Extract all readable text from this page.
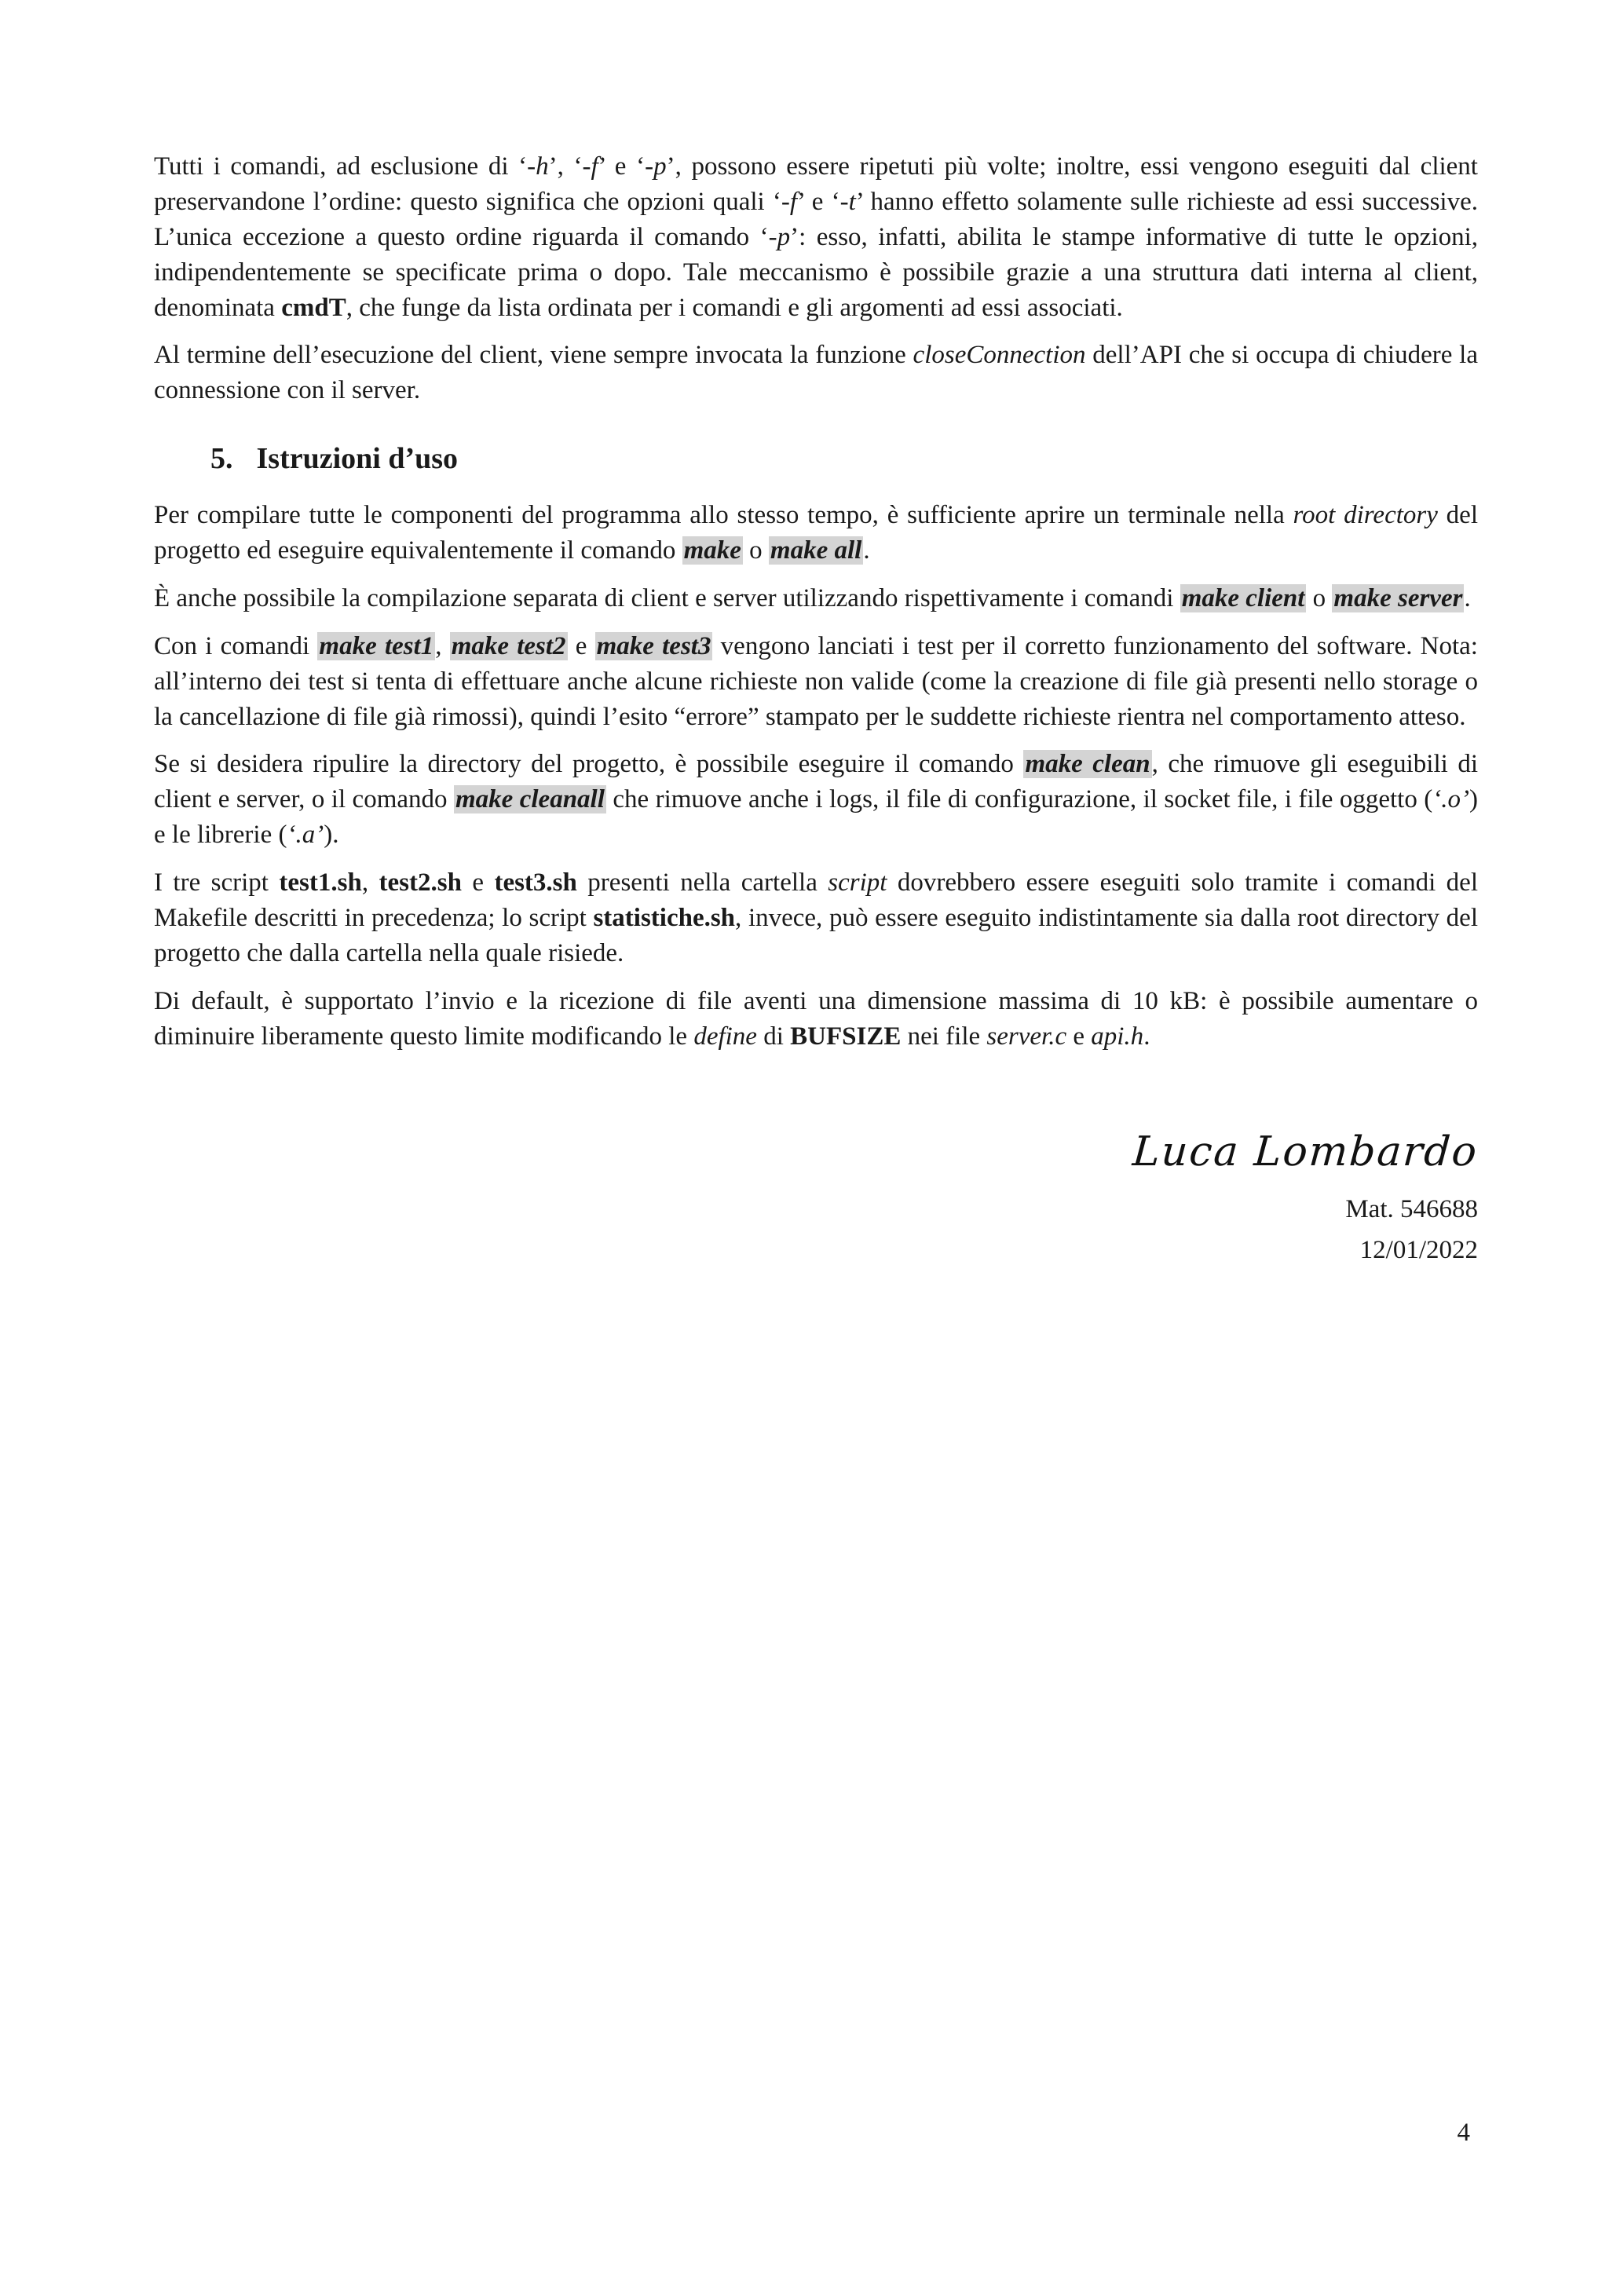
Tutti i comandi, ad esclusione di ‘-h’, ‘-f’ e ‘-p’, possono essere ripetuti più volte; inoltre, essi vengono eseguiti dal client preservandone l’ordine: questo significa che opzioni quali ‘-f’ e ‘-t’ hanno effetto solamente sulle richieste ad essi successive. L’unica eccezione a questo ordine riguarda il comando ‘-p’: esso, infatti, abilita le stampe informative di tutte le opzioni, indipendentemente se specificate prima o dopo. Tale meccanismo è possibile grazie a una struttura dati interna al client, denominata cmdT, che funge da lista ordinata per i comandi e gli argomenti ad essi associati.

Al termine dell’esecuzione del client, viene sempre invocata la funzione closeConnection dell’API che si occupa di chiudere la connessione con il server.

5. Istruzioni d’uso

Per compilare tutte le componenti del programma allo stesso tempo, è sufficiente aprire un terminale nella root directory del progetto ed eseguire equivalentemente il comando make o make all.

È anche possibile la compilazione separata di client e server utilizzando rispettivamente i comandi make client o make server.

Con i comandi make test1, make test2 e make test3 vengono lanciati i test per il corretto funzionamento del software. Nota: all’interno dei test si tenta di effettuare anche alcune richieste non valide (come la creazione di file già presenti nello storage o la cancellazione di file già rimossi), quindi l’esito “errore” stampato per le suddette richieste rientra nel comportamento atteso.

Se si desidera ripulire la directory del progetto, è possibile eseguire il comando make clean, che rimuove gli eseguibili di client e server, o il comando make cleanall che rimuove anche i logs, il file di configurazione, il socket file, i file oggetto (‘.o’) e le librerie (‘.a’).

I tre script test1.sh, test2.sh e test3.sh presenti nella cartella script dovrebbero essere eseguiti solo tramite i comandi del Makefile descritti in precedenza; lo script statistiche.sh, invece, può essere eseguito indistintamente sia dalla root directory del progetto che dalla cartella nella quale risiede.

Di default, è supportato l’invio e la ricezione di file aventi una dimensione massima di 10 kB: è possibile aumentare o diminuire liberamente questo limite modificando le define di BUFSIZE nei file server.c e api.h.

Luca Lombardo
Mat. 546688
12/01/2022
4
